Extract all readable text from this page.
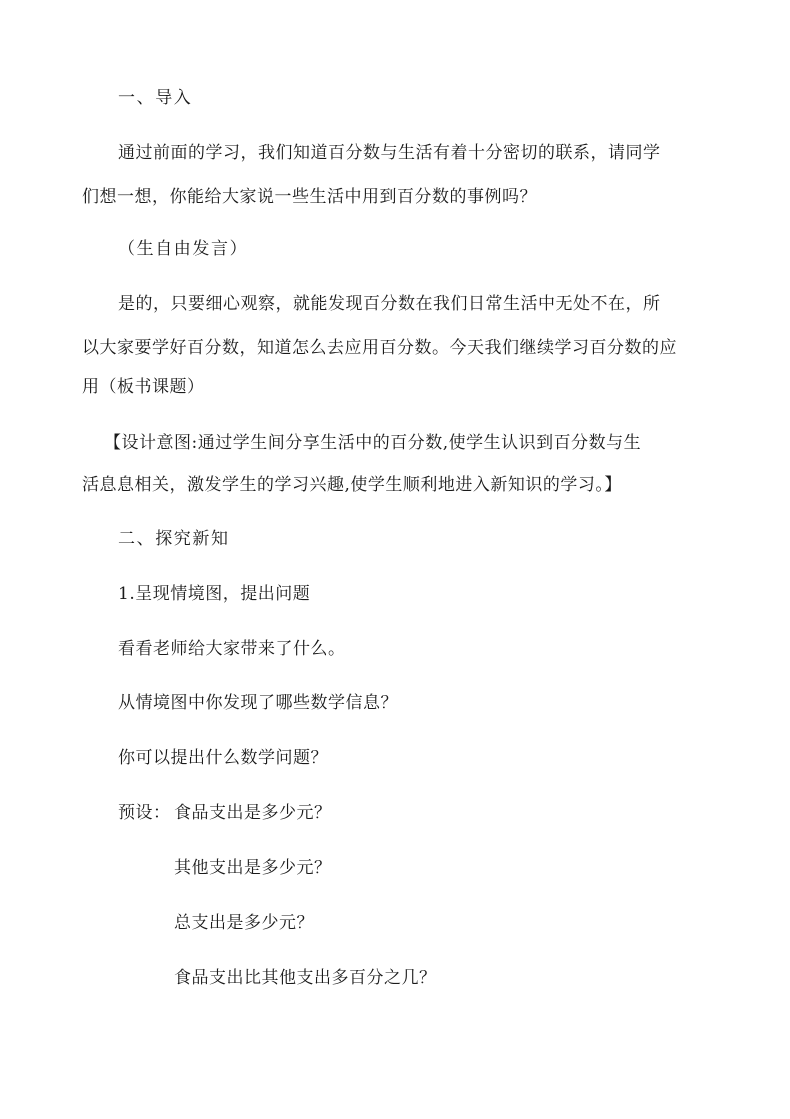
一、导入
通过前面的学习，我们知道百分数与生活有着十分密切的联系，请同学
们想一想，你能给大家说一些生活中用到百分数的事例吗？
（生自由发言）
是的，只要细心观察，就能发现百分数在我们日常生活中无处不在，所
以大家要学好百分数，知道怎么去应用百分数。今天我们继续学习百分数的应
用（板书课题）
【设计意图:通过学生间分享生活中的百分数,使学生认识到百分数与生
活息息相关，激发学生的学习兴趣,使学生顺利地进入新知识的学习。】
二、探究新知
1.呈现情境图，提出问题
看看老师给大家带来了什么。
从情境图中你发现了哪些数学信息？
你可以提出什么数学问题？
预设： 食品支出是多少元？
其他支出是多少元？
总支出是多少元？
食品支出比其他支出多百分之几？
